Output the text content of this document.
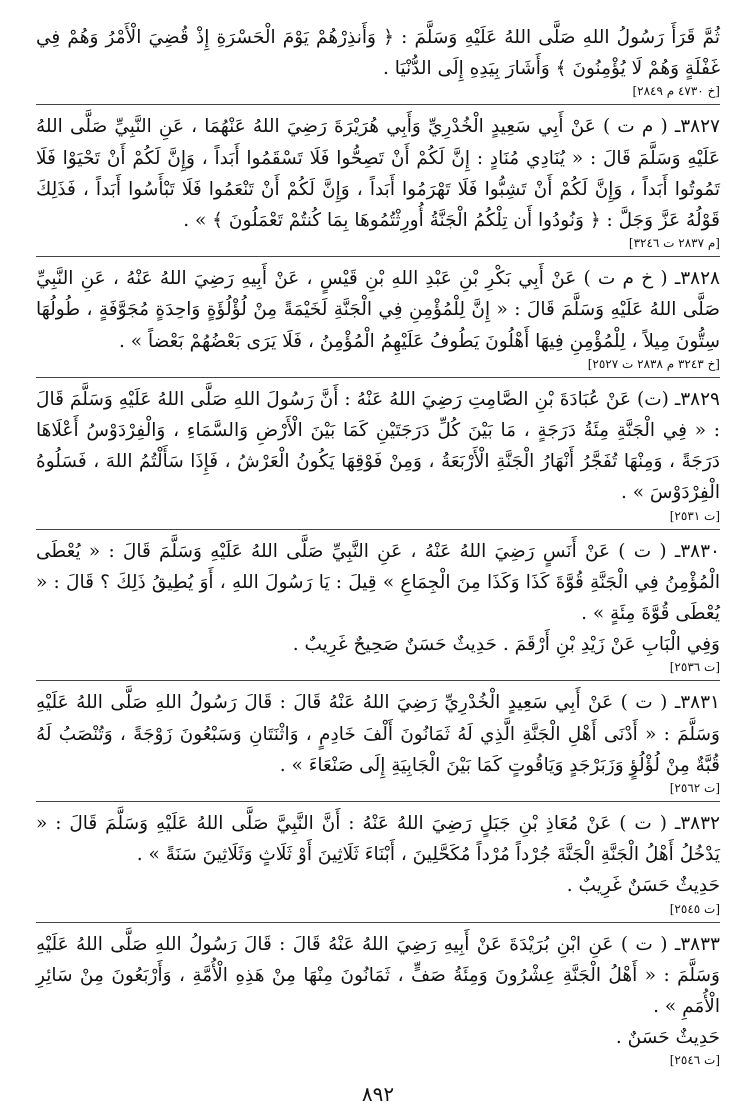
ثُمَّ قَرَأَ رَسُولُ اللهِ صَلَّى اللهُ عَلَيْهِ وَسَلَّمَ : ﴿ وَأَنذِرْهُمْ يَوْمَ الْحَسْرَةِ إِذْ قُضِيَ الْأَمْرُ وَهُمْ فِي غَفْلَةٍ وَهُمْ لَا يُؤْمِنُونَ ﴾ وَأَشَارَ بِيَدِهِ إِلَى الدُّنْيَا .

[خ ٤٧٣٠ م ٢٨٤٩]

٣٨٢٧ـ ( م ت ) عَنْ أَبِي سَعِيدٍ الْخُدْرِيِّ وَأَبِي هُرَيْرَةَ رَضِيَ اللهُ عَنْهُمَا ، عَنِ النَّبِيِّ صَلَّى اللهُ عَلَيْهِ وَسَلَّمَ قَالَ : « يُنَادِي مُنَادٍ : إِنَّ لَكُمْ أَنْ تَصِحُّوا فَلَا تَسْقَمُوا أَبَداً ، وَإِنَّ لَكُمْ أَنْ تَحْيَوْا فَلَا تَمُوتُوا أَبَداً ، وَإِنَّ لَكُمْ أَنْ تَشِبُّوا فَلَا تَهْرَمُوا أَبَداً ، وَإِنَّ لَكُمْ أَنْ تَنْعَمُوا فَلَا تَبْأَسُوا أَبَداً ، فَذَلِكَ قَوْلُهُ عَزَّ وَجَلَّ : ﴿ وَنُودُوا أَن تِلْكُمُ الْجَنَّةُ أُورِثْتُمُوهَا بِمَا كُنتُمْ تَعْمَلُونَ ﴾ » .

[م ٢٨٣٧ ت ٣٢٤٦]

٣٨٢٨ـ ( خ م ت ) عَنْ أَبِي بَكْرِ بْنِ عَبْدِ اللهِ بْنِ قَيْسٍ ، عَنْ أَبِيهِ رَضِيَ اللهُ عَنْهُ ، عَنِ النَّبِيِّ صَلَّى اللهُ عَلَيْهِ وَسَلَّمَ قَالَ : « إِنَّ لِلْمُؤْمِنِ فِي الْجَنَّةِ لَخَيْمَةً مِنْ لُؤْلُؤَةٍ وَاحِدَةٍ مُجَوَّفَةٍ ، طُولُهَا سِتُّونَ مِيلاً ، لِلْمُؤْمِنِ فِيهَا أَهْلُونَ يَطُوفُ عَلَيْهِمُ الْمُؤْمِنُ ، فَلَا يَرَى بَعْضُهُمْ بَعْضاً » .

[خ ٣٢٤٣ م ٢٨٣٨ ت ٢٥٢٧]

٣٨٢٩ـ (ت) عَنْ عُبَادَةَ بْنِ الصَّامِتِ رَضِيَ اللهُ عَنْهُ : أَنَّ رَسُولَ اللهِ صَلَّى اللهُ عَلَيْهِ وَسَلَّمَ قَالَ : « فِي الْجَنَّةِ مِئَةُ دَرَجَةٍ ، مَا بَيْنَ كُلِّ دَرَجَتَيْنِ كَمَا بَيْنَ الْأَرْضِ وَالسَّمَاءِ ، وَالْفِرْدَوْسُ أَعْلَاهَا دَرَجَةً ، وَمِنْهَا تُفَجَّرُ أَنْهَارُ الْجَنَّةِ الْأَرْبَعَةُ ، وَمِنْ فَوْقِهَا يَكُونُ الْعَرْشُ ، فَإِذَا سَأَلْتُمُ اللهَ ، فَسَلُوهُ الْفِرْدَوْسَ » .

[ت ٢٥٣١]

٣٨٣٠ـ ( ت ) عَنْ أَنَسٍ رَضِيَ اللهُ عَنْهُ ، عَنِ النَّبِيِّ صَلَّى اللهُ عَلَيْهِ وَسَلَّمَ قَالَ : « يُعْطَى الْمُؤْمِنُ فِي الْجَنَّةِ قُوَّةَ كَذَا وَكَذَا مِنَ الْجِمَاعِ » قِيلَ : يَا رَسُولَ اللهِ ، أَوَ يُطِيقُ ذَلِكَ ؟ قَالَ : « يُعْطَى قُوَّةَ مِئَةٍ » .

وَفِي الْبَابِ عَنْ زَيْدِ بْنِ أَرْقَمَ . حَدِيثٌ حَسَنٌ صَحِيحٌ غَرِيبٌ .

[ت ٢٥٣٦]

٣٨٣١ـ ( ت ) عَنْ أَبِي سَعِيدٍ الْخُدْرِيِّ رَضِيَ اللهُ عَنْهُ قَالَ : قَالَ رَسُولُ اللهِ صَلَّى اللهُ عَلَيْهِ وَسَلَّمَ : « أَدْنَى أَهْلِ الْجَنَّةِ الَّذِي لَهُ ثَمَانُونَ أَلْفَ خَادِمٍ ، وَاثْنَتَانِ وَسَبْعُونَ زَوْجَةً ، وَتُنْصَبُ لَهُ قُبَّةٌ مِنْ لُؤْلُؤٍ وَزَبَرْجَدٍ وَيَاقُوتٍ كَمَا بَيْنَ الْجَابِيَةِ إِلَى صَنْعَاءَ » .

[ت ٢٥٦٢]

٣٨٣٢ـ ( ت ) عَنْ مُعَاذِ بْنِ جَبَلٍ رَضِيَ اللهُ عَنْهُ : أَنَّ النَّبِيَّ صَلَّى اللهُ عَلَيْهِ وَسَلَّمَ قَالَ : « يَدْخُلُ أَهْلُ الْجَنَّةِ الْجَنَّةَ جُرْداً مُرْداً مُكَحَّلِينَ ، أَبْنَاءَ ثَلَاثِينَ أَوْ ثَلَاثٍ وَثَلَاثِينَ سَنَةً » .

حَدِيثٌ حَسَنٌ غَرِيبٌ .

[ت ٢٥٤٥]

٣٨٣٣ـ ( ت ) عَنِ ابْنِ بُرَيْدَةَ عَنْ أَبِيهِ رَضِيَ اللهُ عَنْهُ قَالَ : قَالَ رَسُولُ اللهِ صَلَّى اللهُ عَلَيْهِ وَسَلَّمَ : « أَهْلُ الْجَنَّةِ عِشْرُونَ وَمِئَةُ صَفٍّ ، ثَمَانُونَ مِنْهَا مِنْ هَذِهِ الْأُمَّةِ ، وَأَرْبَعُونَ مِنْ سَائِرِ الْأُمَمِ » .

حَدِيثٌ حَسَنٌ .

[ت ٢٥٤٦]
٨٩٢
